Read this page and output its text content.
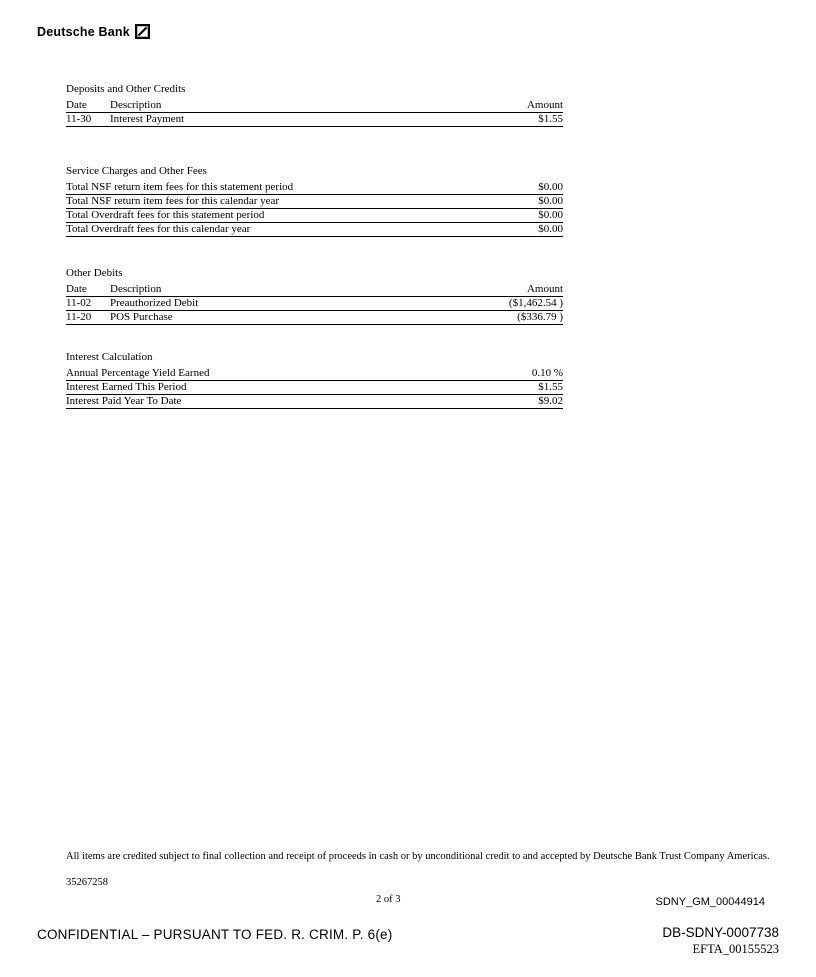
Deutsche Bank
Deposits and Other Credits
Date	Description	Amount
11-30	Interest Payment	$1.55
Service Charges and Other Fees
Total NSF return item fees for this statement period	$0.00
Total NSF return item fees for this calendar year	$0.00
Total Overdraft fees for this statement period	$0.00
Total Overdraft fees for this calendar year	$0.00
Other Debits
Date	Description	Amount
11-02	Preauthorized Debit	($1,462.54 )
11-20	POS Purchase	($336.79 )
Interest Calculation
Annual Percentage Yield Earned	0.10 %
Interest Earned This Period	$1.55
Interest Paid Year To Date	$9.02
All items are credited subject to final collection and receipt of proceeds in cash or by unconditional credit to and accepted by Deutsche Bank Trust Company Americas.
35267258
2 of 3	SDNY_GM_00044914
CONFIDENTIAL – PURSUANT TO FED. R. CRIM. P. 6(e)	DB-SDNY-0007738
EFTA_00155523
